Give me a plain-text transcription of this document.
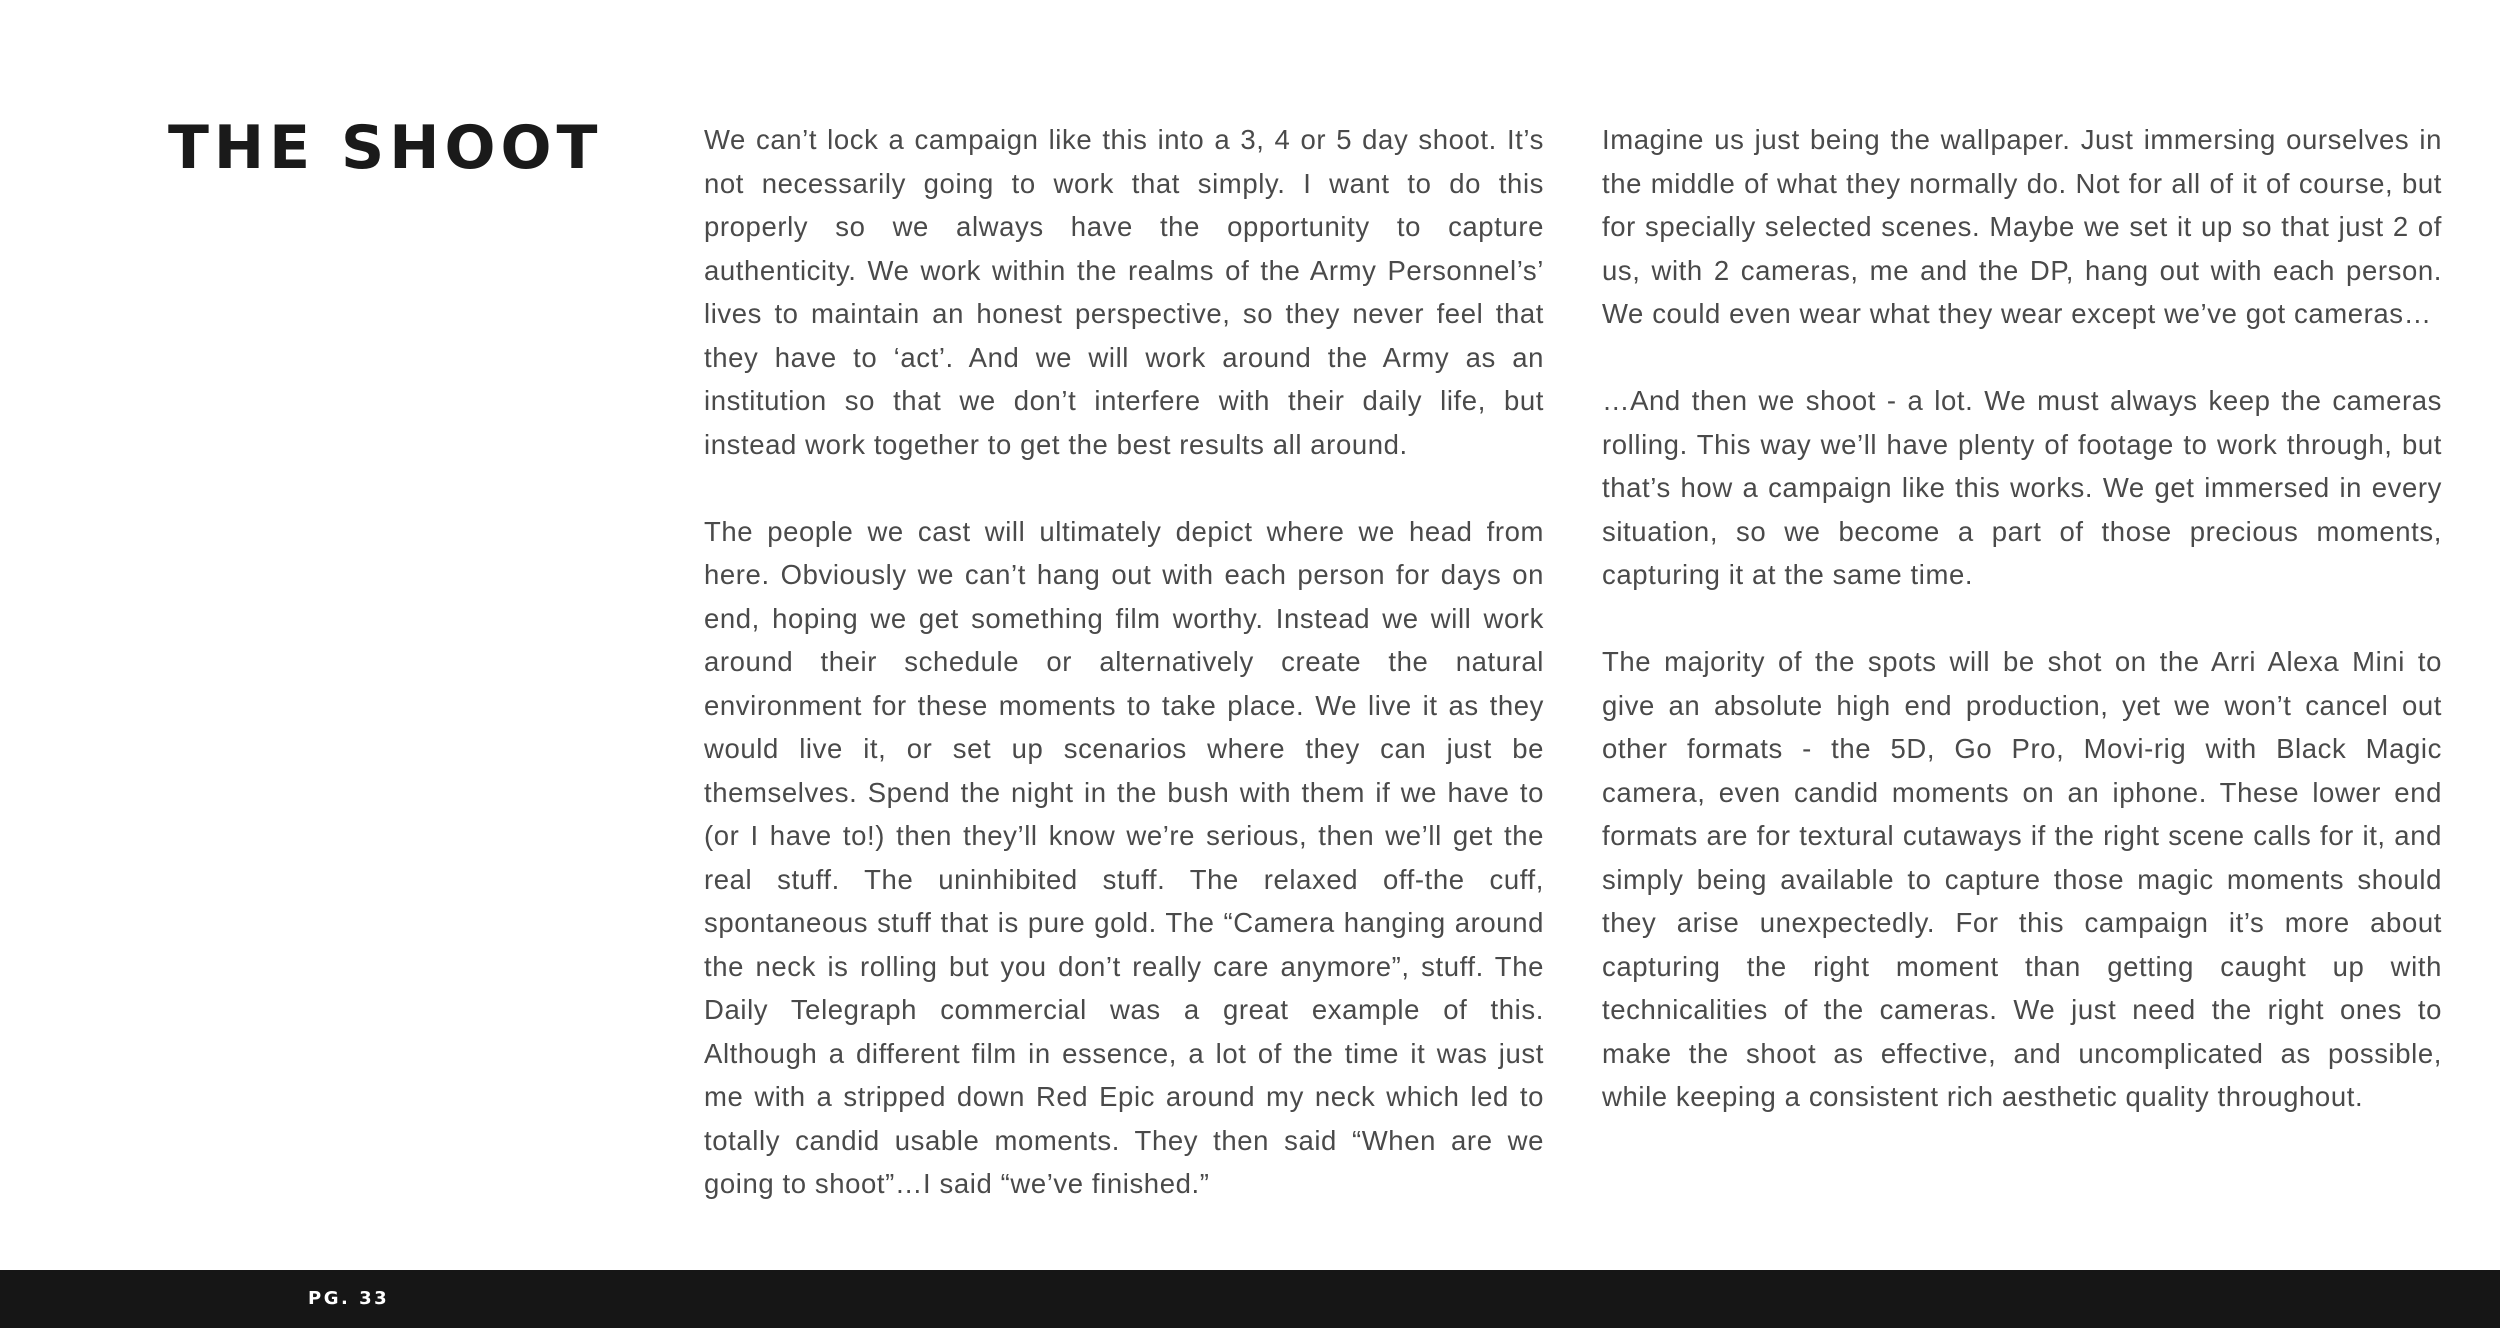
THE SHOOT	We can’t lock a campaign like this into a 3, 4 or 5 day shoot. It’s not necessarily going to work that simply. I want to do this properly so we always have the opportunity to capture authenticity. We work within the realms of the Army Personnel’s’ lives to maintain an honest perspective, so they never feel that they have to ‘act’. And we will work around the Army as an institution so that we don’t interfere with their daily life, but instead work together to get the best results all around.

The people we cast will ultimately depict where we head from here. Obviously we can’t hang out with each person for days on end, hoping we get something film worthy. Instead we will work around their schedule or alternatively create the natural environment for these moments to take place. We live it as they would live it, or set up scenarios where they can just be themselves. Spend the night in the bush with them if we have to (or I have to!) then they’ll know we’re serious, then we’ll get the real stuff. The uninhibited stuff. The relaxed off-the cuff, spontaneous stuff that is pure gold. The “Camera hanging around the neck is rolling but you don’t really care anymore”, stuff. The Daily Telegraph commercial was a great example of this. Although a different film in essence, a lot of the time it was just me with a stripped down Red Epic around my neck which led to totally candid usable moments. They then said “When are we going to shoot”…I said “we’ve finished.”

Imagine us just being the wallpaper. Just immersing ourselves in the middle of what they normally do. Not for all of it of course, but for specially selected scenes. Maybe we set it up so that just 2 of us, with 2 cameras, me and the DP, hang out with each person. We could even wear what they wear except we’ve got cameras…

…And then we shoot - a lot. We must always keep the cameras rolling. This way we’ll have plenty of footage to work through, but that’s how a campaign like this works. We get immersed in every situation, so we become a part of those precious moments, capturing it at the same time.

The majority of the spots will be shot on the Arri Alexa Mini to give an absolute high end production, yet we won’t cancel out other formats - the 5D, Go Pro, Movi-rig with Black Magic camera, even candid moments on an iphone. These lower end formats are for textural cutaways if the right scene calls for it, and simply being available to capture those magic moments should they arise unexpectedly. For this campaign it’s more about capturing the right moment than getting caught up with technicalities of the cameras. We just need the right ones to make the shoot as effective, and uncomplicated as possible, while keeping a consistent rich aesthetic quality throughout.

PG. 33
